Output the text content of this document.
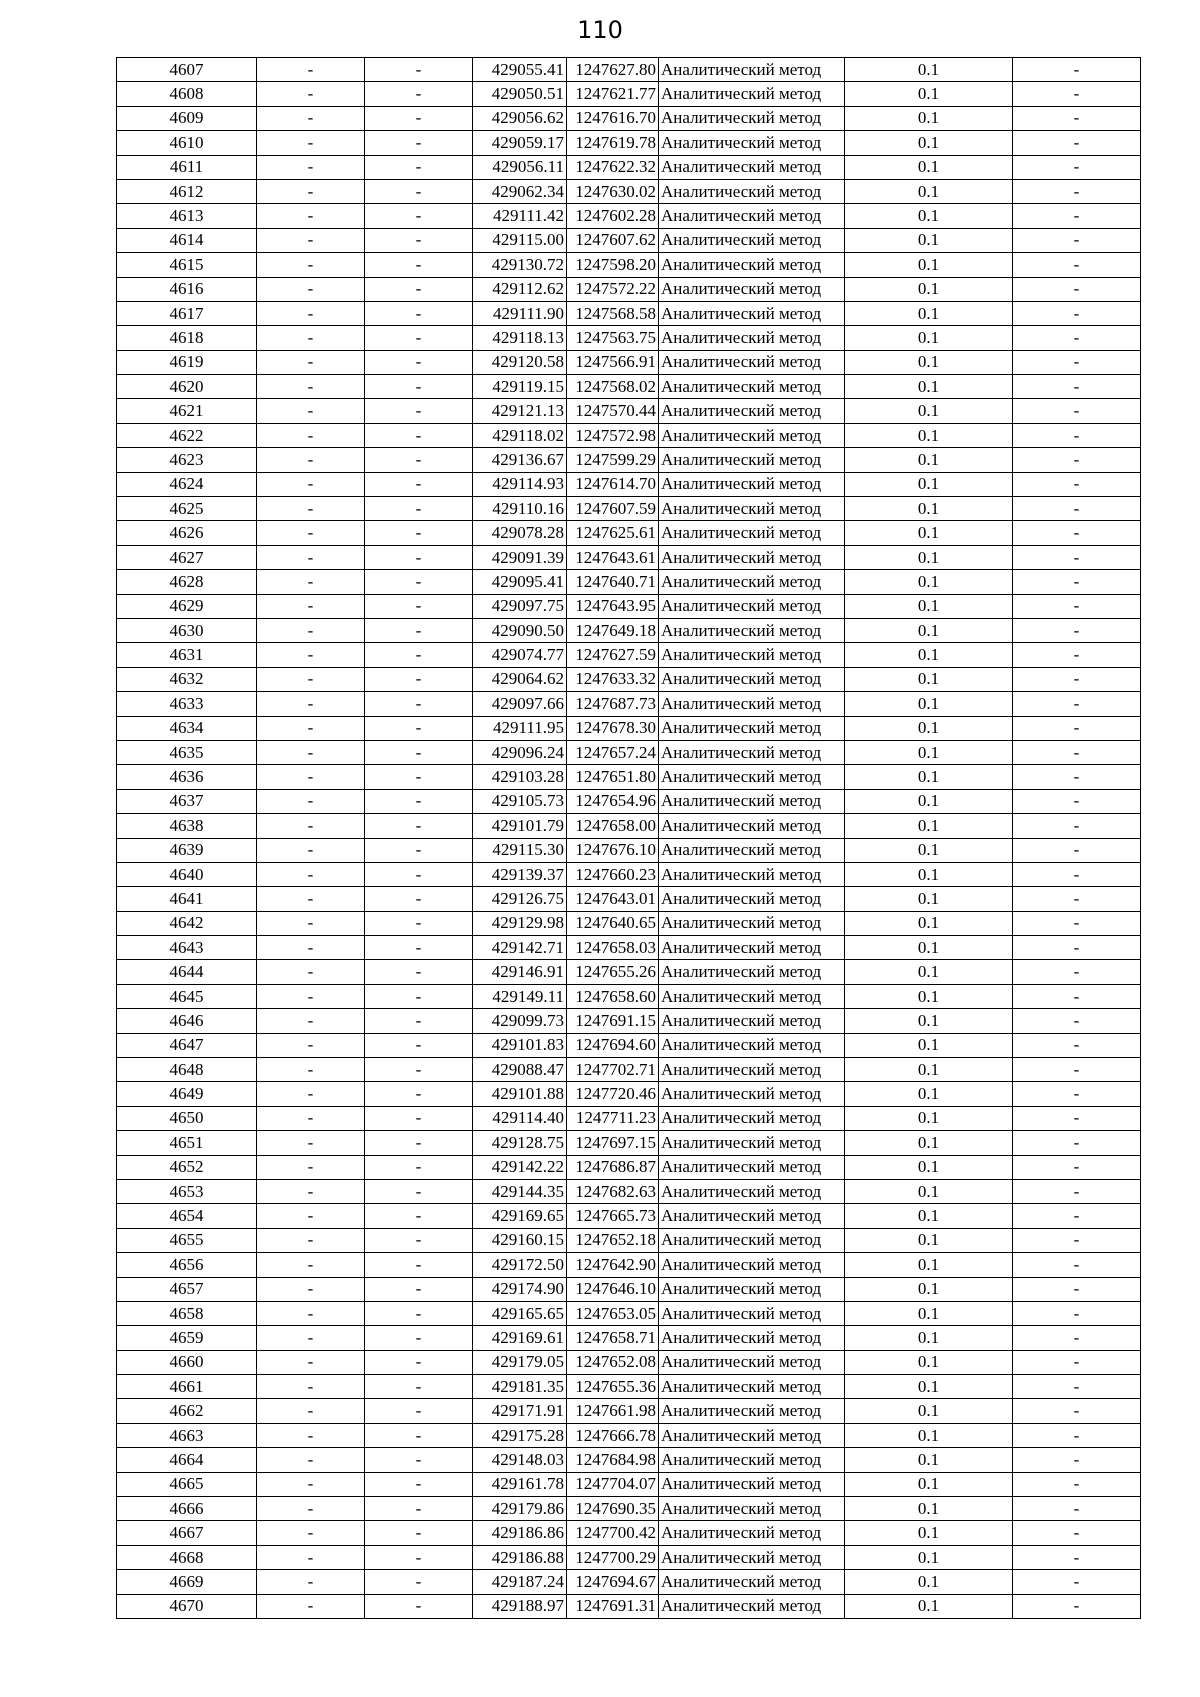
110
4607	-	-	429055.41	1247627.80	Аналитический метод	0.1	-
4608	-	-	429050.51	1247621.77	Аналитический метод	0.1	-
4609	-	-	429056.62	1247616.70	Аналитический метод	0.1	-
4610	-	-	429059.17	1247619.78	Аналитический метод	0.1	-
4611	-	-	429056.11	1247622.32	Аналитический метод	0.1	-
4612	-	-	429062.34	1247630.02	Аналитический метод	0.1	-
4613	-	-	429111.42	1247602.28	Аналитический метод	0.1	-
4614	-	-	429115.00	1247607.62	Аналитический метод	0.1	-
4615	-	-	429130.72	1247598.20	Аналитический метод	0.1	-
4616	-	-	429112.62	1247572.22	Аналитический метод	0.1	-
4617	-	-	429111.90	1247568.58	Аналитический метод	0.1	-
4618	-	-	429118.13	1247563.75	Аналитический метод	0.1	-
4619	-	-	429120.58	1247566.91	Аналитический метод	0.1	-
4620	-	-	429119.15	1247568.02	Аналитический метод	0.1	-
4621	-	-	429121.13	1247570.44	Аналитический метод	0.1	-
4622	-	-	429118.02	1247572.98	Аналитический метод	0.1	-
4623	-	-	429136.67	1247599.29	Аналитический метод	0.1	-
4624	-	-	429114.93	1247614.70	Аналитический метод	0.1	-
4625	-	-	429110.16	1247607.59	Аналитический метод	0.1	-
4626	-	-	429078.28	1247625.61	Аналитический метод	0.1	-
4627	-	-	429091.39	1247643.61	Аналитический метод	0.1	-
4628	-	-	429095.41	1247640.71	Аналитический метод	0.1	-
4629	-	-	429097.75	1247643.95	Аналитический метод	0.1	-
4630	-	-	429090.50	1247649.18	Аналитический метод	0.1	-
4631	-	-	429074.77	1247627.59	Аналитический метод	0.1	-
4632	-	-	429064.62	1247633.32	Аналитический метод	0.1	-
4633	-	-	429097.66	1247687.73	Аналитический метод	0.1	-
4634	-	-	429111.95	1247678.30	Аналитический метод	0.1	-
4635	-	-	429096.24	1247657.24	Аналитический метод	0.1	-
4636	-	-	429103.28	1247651.80	Аналитический метод	0.1	-
4637	-	-	429105.73	1247654.96	Аналитический метод	0.1	-
4638	-	-	429101.79	1247658.00	Аналитический метод	0.1	-
4639	-	-	429115.30	1247676.10	Аналитический метод	0.1	-
4640	-	-	429139.37	1247660.23	Аналитический метод	0.1	-
4641	-	-	429126.75	1247643.01	Аналитический метод	0.1	-
4642	-	-	429129.98	1247640.65	Аналитический метод	0.1	-
4643	-	-	429142.71	1247658.03	Аналитический метод	0.1	-
4644	-	-	429146.91	1247655.26	Аналитический метод	0.1	-
4645	-	-	429149.11	1247658.60	Аналитический метод	0.1	-
4646	-	-	429099.73	1247691.15	Аналитический метод	0.1	-
4647	-	-	429101.83	1247694.60	Аналитический метод	0.1	-
4648	-	-	429088.47	1247702.71	Аналитический метод	0.1	-
4649	-	-	429101.88	1247720.46	Аналитический метод	0.1	-
4650	-	-	429114.40	1247711.23	Аналитический метод	0.1	-
4651	-	-	429128.75	1247697.15	Аналитический метод	0.1	-
4652	-	-	429142.22	1247686.87	Аналитический метод	0.1	-
4653	-	-	429144.35	1247682.63	Аналитический метод	0.1	-
4654	-	-	429169.65	1247665.73	Аналитический метод	0.1	-
4655	-	-	429160.15	1247652.18	Аналитический метод	0.1	-
4656	-	-	429172.50	1247642.90	Аналитический метод	0.1	-
4657	-	-	429174.90	1247646.10	Аналитический метод	0.1	-
4658	-	-	429165.65	1247653.05	Аналитический метод	0.1	-
4659	-	-	429169.61	1247658.71	Аналитический метод	0.1	-
4660	-	-	429179.05	1247652.08	Аналитический метод	0.1	-
4661	-	-	429181.35	1247655.36	Аналитический метод	0.1	-
4662	-	-	429171.91	1247661.98	Аналитический метод	0.1	-
4663	-	-	429175.28	1247666.78	Аналитический метод	0.1	-
4664	-	-	429148.03	1247684.98	Аналитический метод	0.1	-
4665	-	-	429161.78	1247704.07	Аналитический метод	0.1	-
4666	-	-	429179.86	1247690.35	Аналитический метод	0.1	-
4667	-	-	429186.86	1247700.42	Аналитический метод	0.1	-
4668	-	-	429186.88	1247700.29	Аналитический метод	0.1	-
4669	-	-	429187.24	1247694.67	Аналитический метод	0.1	-
4670	-	-	429188.97	1247691.31	Аналитический метод	0.1	-
